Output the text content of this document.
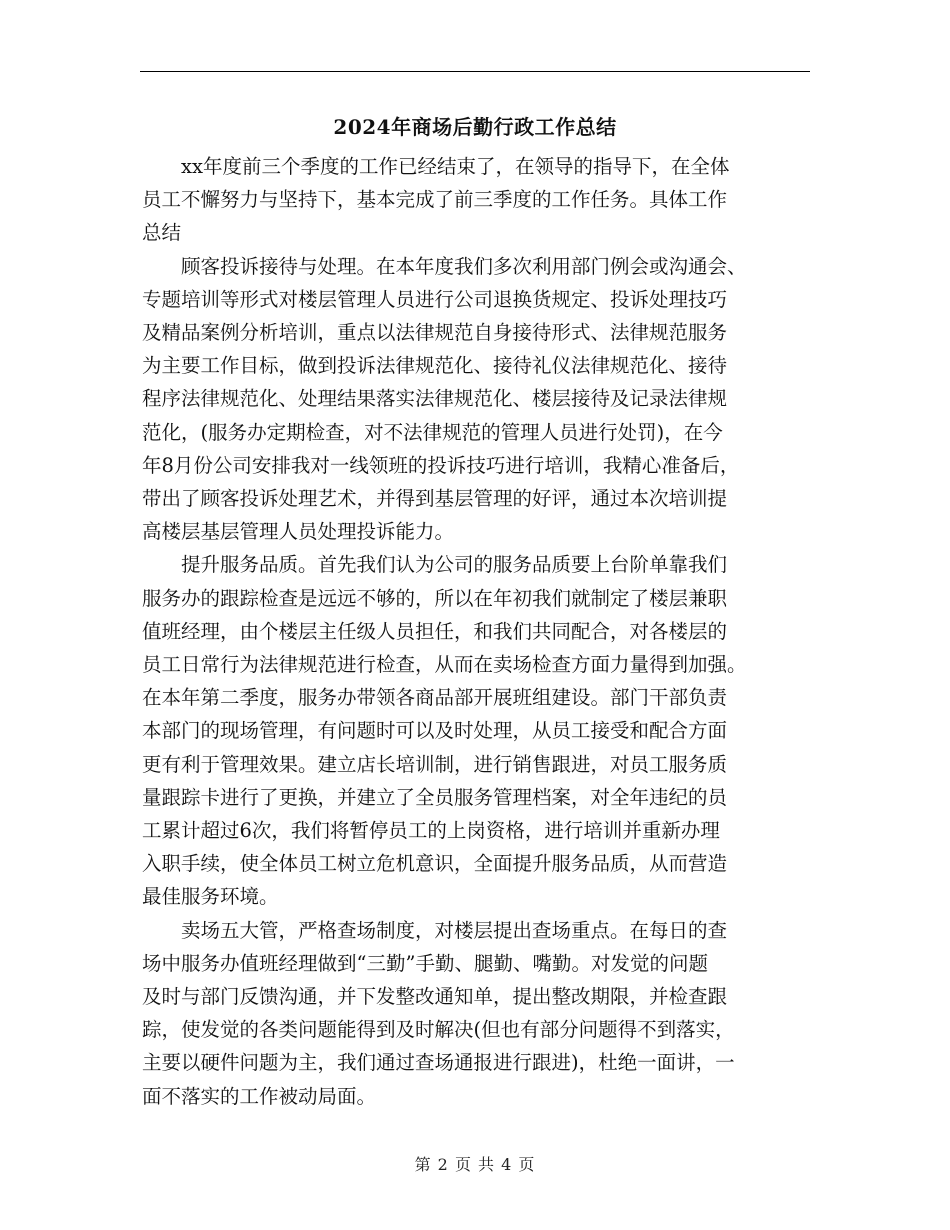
2024年商场后勤行政工作总结

xx年度前三个季度的工作已经结束了，在领导的指导下，在全体
员工不懈努力与坚持下，基本完成了前三季度的工作任务。具体工作
总结

顾客投诉接待与处理。在本年度我们多次利用部门例会或沟通会、
专题培训等形式对楼层管理人员进行公司退换货规定、投诉处理技巧
及精品案例分析培训，重点以法律规范自身接待形式、法律规范服务
为主要工作目标，做到投诉法律规范化、接待礼仪法律规范化、接待
程序法律规范化、处理结果落实法律规范化、楼层接待及记录法律规
范化，(服务办定期检查，对不法律规范的管理人员进行处罚)，在今
年8月份公司安排我对一线领班的投诉技巧进行培训，我精心准备后，
带出了顾客投诉处理艺术，并得到基层管理的好评，通过本次培训提
高楼层基层管理人员处理投诉能力。

提升服务品质。首先我们认为公司的服务品质要上台阶单靠我们
服务办的跟踪检查是远远不够的，所以在年初我们就制定了楼层兼职
值班经理，由个楼层主任级人员担任，和我们共同配合，对各楼层的
员工日常行为法律规范进行检查，从而在卖场检查方面力量得到加强。
在本年第二季度，服务办带领各商品部开展班组建设。部门干部负责
本部门的现场管理，有问题时可以及时处理，从员工接受和配合方面
更有利于管理效果。建立店长培训制，进行销售跟进，对员工服务质
量跟踪卡进行了更换，并建立了全员服务管理档案，对全年违纪的员
工累计超过6次，我们将暂停员工的上岗资格，进行培训并重新办理
入职手续，使全体员工树立危机意识，全面提升服务品质，从而营造
最佳服务环境。

卖场五大管，严格查场制度，对楼层提出查场重点。在每日的查
场中服务办值班经理做到“三勤”手勤、腿勤、嘴勤。对发觉的问题
及时与部门反馈沟通，并下发整改通知单，提出整改期限，并检查跟
踪，使发觉的各类问题能得到及时解决(但也有部分问题得不到落实，
主要以硬件问题为主，我们通过查场通报进行跟进)，杜绝一面讲，一
面不落实的工作被动局面。

第 2 页 共 4 页
